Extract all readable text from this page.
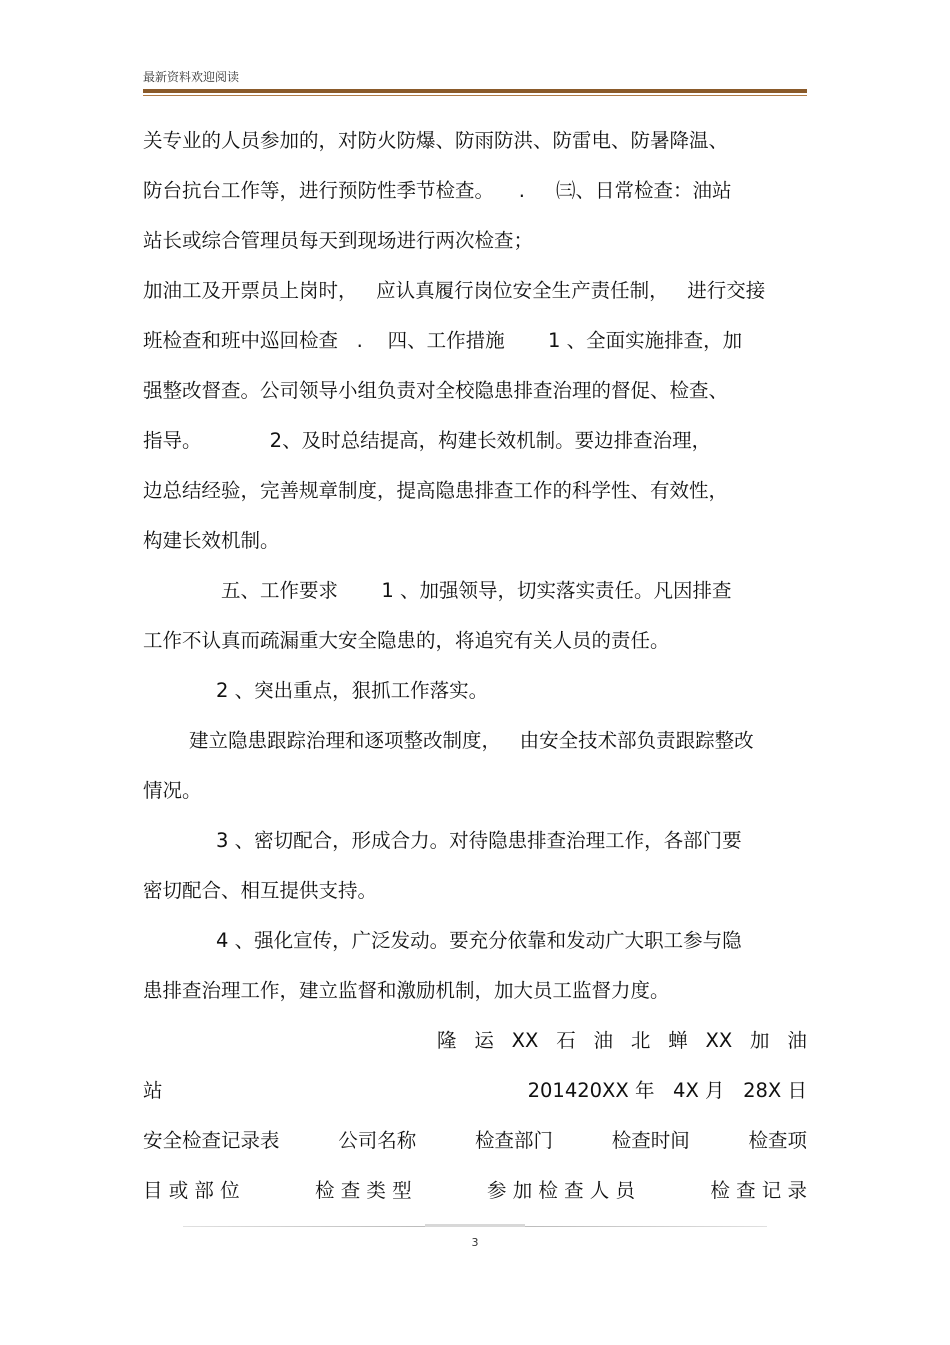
最新资料欢迎阅读
关专业的人员参加的，对防火防爆、防雨防洪、防雷电、防暑降温、
防台抗台工作等，进行预防性季节检查。    .     ㈢、日常检查：油站
站长或综合管理员每天到现场进行两次检查；
加油工及开票员上岗时，   应认真履行岗位安全生产责任制，   进行交接
班检查和班中巡回检查   .    四、工作措施       1 、全面实施排查，加
强整改督查。公司领导小组负责对全校隐患排查治理的督促、检查、
指导。           2、及时总结提高，构建长效机制。要边排查治理，
边总结经验，完善规章制度，提高隐患排查工作的科学性、有效性，
构建长效机制。
五、工作要求       1 、加强领导，切实落实责任。凡因排查
工作不认真而疏漏重大安全隐患的，将追究有关人员的责任。
2 、突出重点，狠抓工作落实。
建立隐患跟踪治理和逐项整改制度，   由安全技术部负责跟踪整改
情况。
3 、密切配合，形成合力。对待隐患排查治理工作，各部门要
密切配合、相互提供支持。
4 、强化宣传，广泛发动。要充分依靠和发动广大职工参与隐
患排查治理工作，建立监督和激励机制，加大员工监督力度。
隆 运 XX 石 油 北 蝉 XX 加 油
站	201420XX 年   4X 月   28X 日
安全检查记录表	公司名称	检查部门	检查时间	检查项
目 或 部 位	检 查 类 型	参 加 检 查 人 员	检 查 记 录
3
